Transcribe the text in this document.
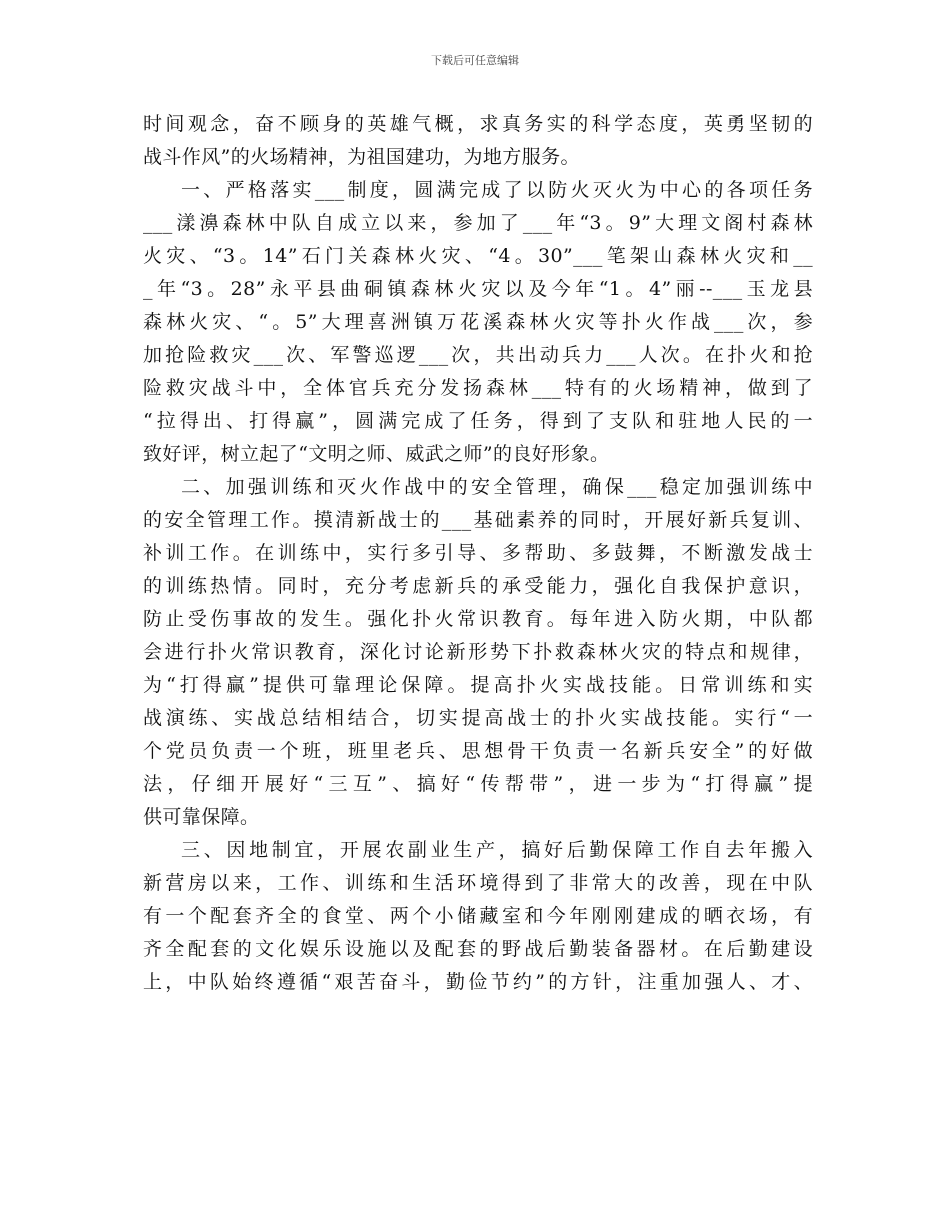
下载后可任意编辑
时间观念，奋不顾身的英雄气概，求真务实的科学态度，英勇坚韧的
战斗作风”的火场精神，为祖国建功，为地方服务。
一、严格落实___制度，圆满完成了以防火灭火为中心的各项任务
___漾濞森林中队自成立以来，参加了___年“3。9”大理文阁村森林
火灾、“3。14”石门关森林火灾、“4。30”___笔架山森林火灾和__
_年“3。28”永平县曲硐镇森林火灾以及今年“1。4”丽--___玉龙县
森林火灾、“。5”大理喜洲镇万花溪森林火灾等扑火作战___次，参
加抢险救灾___次、军警巡逻___次，共出动兵力___人次。在扑火和抢
险救灾战斗中，全体官兵充分发扬森林___特有的火场精神，做到了
“拉得出、打得赢”，圆满完成了任务，得到了支队和驻地人民的一
致好评，树立起了“文明之师、威武之师”的良好形象。
二、加强训练和灭火作战中的安全管理，确保___稳定加强训练中
的安全管理工作。摸清新战士的___基础素养的同时，开展好新兵复训、
补训工作。在训练中，实行多引导、多帮助、多鼓舞，不断激发战士
的训练热情。同时，充分考虑新兵的承受能力，强化自我保护意识，
防止受伤事故的发生。强化扑火常识教育。每年进入防火期，中队都
会进行扑火常识教育，深化讨论新形势下扑救森林火灾的特点和规律，
为“打得赢”提供可靠理论保障。提高扑火实战技能。日常训练和实
战演练、实战总结相结合，切实提高战士的扑火实战技能。实行“一
个党员负责一个班，班里老兵、思想骨干负责一名新兵安全”的好做
法，仔细开展好“三互”、搞好“传帮带”，进一步为“打得赢”提
供可靠保障。
三、因地制宜，开展农副业生产，搞好后勤保障工作自去年搬入
新营房以来，工作、训练和生活环境得到了非常大的改善，现在中队
有一个配套齐全的食堂、两个小储藏室和今年刚刚建成的晒衣场，有
齐全配套的文化娱乐设施以及配套的野战后勤装备器材。在后勤建设
上，中队始终遵循“艰苦奋斗，勤俭节约”的方针，注重加强人、才、
